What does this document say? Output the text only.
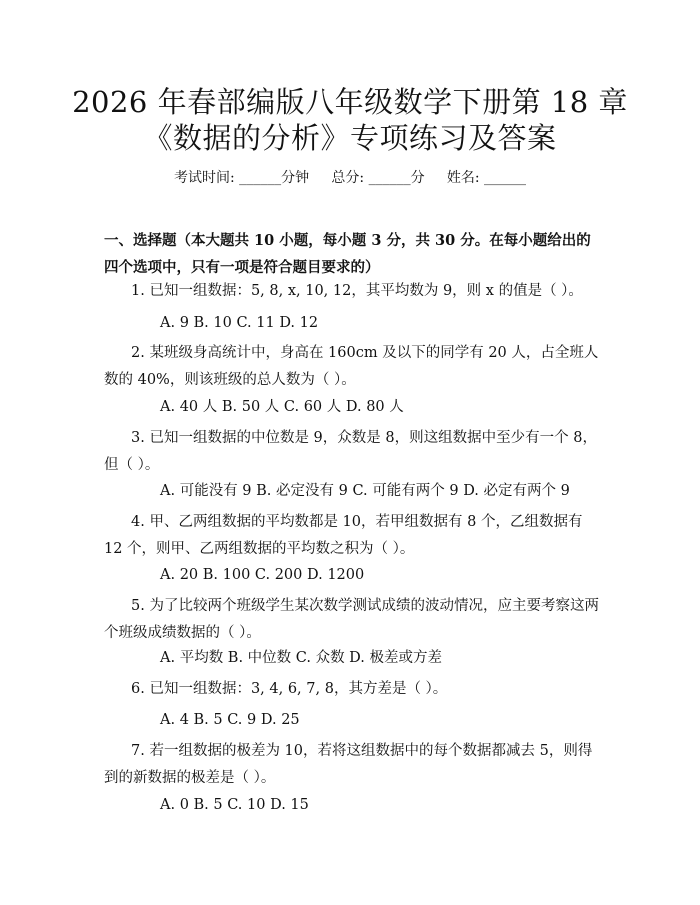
2026 年春部编版八年级数学下册第 18 章
《数据的分析》专项练习及答案
考试时间: ______分钟     总分: ______分     姓名: ______
一、选择题（本大题共 10 小题，每小题 3 分，共 30 分。在每小题给出的四个选项中，只有一项是符合题目要求的）
1. 已知一组数据：5, 8, x, 10, 12，其平均数为 9，则 x 的值是（ ）。
A. 9 B. 10 C. 11 D. 12
2. 某班级身高统计中，身高在 160cm 及以下的同学有 20 人，占全班人数的 40%，则该班级的总人数为（ ）。
A. 40 人 B. 50 人 C. 60 人 D. 80 人
3. 已知一组数据的中位数是 9，众数是 8，则这组数据中至少有一个 8，但（ ）。
A. 可能没有 9 B. 必定没有 9 C. 可能有两个 9 D. 必定有两个 9
4. 甲、乙两组数据的平均数都是 10，若甲组数据有 8 个，乙组数据有 12 个，则甲、乙两组数据的平均数之积为（ ）。
A. 20 B. 100 C. 200 D. 1200
5. 为了比较两个班级学生某次数学测试成绩的波动情况，应主要考察这两个班级成绩数据的（ ）。
A. 平均数 B. 中位数 C. 众数 D. 极差或方差
6. 已知一组数据：3, 4, 6, 7, 8，其方差是（ ）。
A. 4 B. 5 C. 9 D. 25
7. 若一组数据的极差为 10，若将这组数据中的每个数据都减去 5，则得到的新数据的极差是（ ）。
A. 0 B. 5 C. 10 D. 15
